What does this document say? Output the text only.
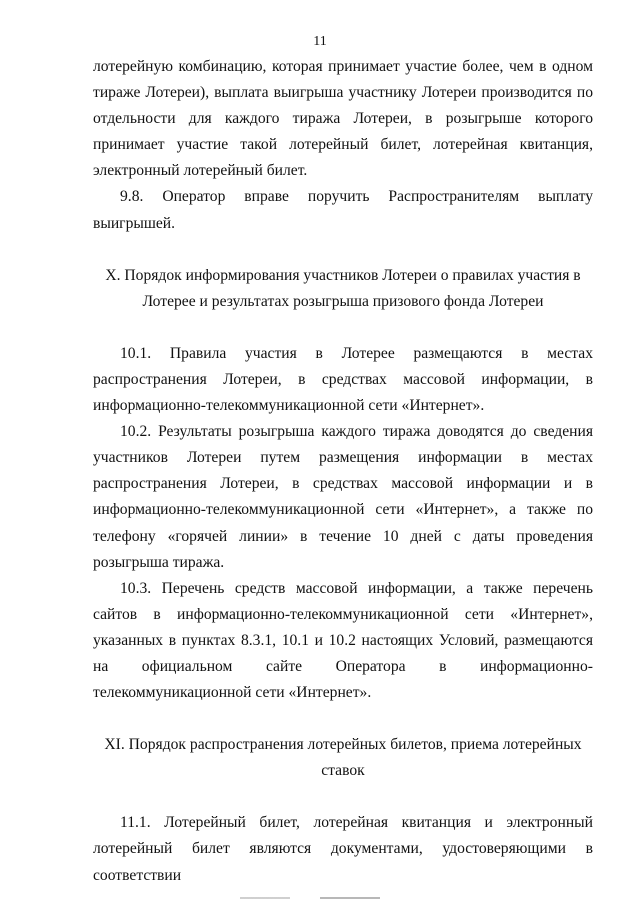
11

лотерейную комбинацию, которая принимает участие более, чем в одном тираже Лотереи), выплата выигрыша участнику Лотереи производится по отдельности для каждого тиража Лотереи, в розыгрыше которого принимает участие такой лотерейный билет, лотерейная квитанция, электронный лотерейный билет.

9.8. Оператор вправе поручить Распространителям выплату выигрышей.

X. Порядок информирования участников Лотереи о правилах участия в
Лотерее и результатах розыгрыша призового фонда Лотереи

10.1. Правила участия в Лотерее размещаются в местах распространения Лотереи, в средствах массовой информации, в информационно-телекоммуникационной сети «Интернет».

10.2. Результаты розыгрыша каждого тиража доводятся до сведения участников Лотереи путем размещения информации в местах распространения Лотереи, в средствах массовой информации и в информационно-телекоммуникационной сети «Интернет», а также по телефону «горячей линии» в течение 10 дней с даты проведения розыгрыша тиража.

10.3. Перечень средств массовой информации, а также перечень сайтов в информационно-телекоммуникационной сети «Интернет», указанных в пунктах 8.3.1, 10.1 и 10.2 настоящих Условий, размещаются на официальном сайте Оператора в информационно-телекоммуникационной сети «Интернет».

XI. Порядок распространения лотерейных билетов, приема лотерейных
ставок

11.1. Лотерейный билет, лотерейная квитанция и электронный лотерейный билет являются документами, удостоверяющими в соответствии
